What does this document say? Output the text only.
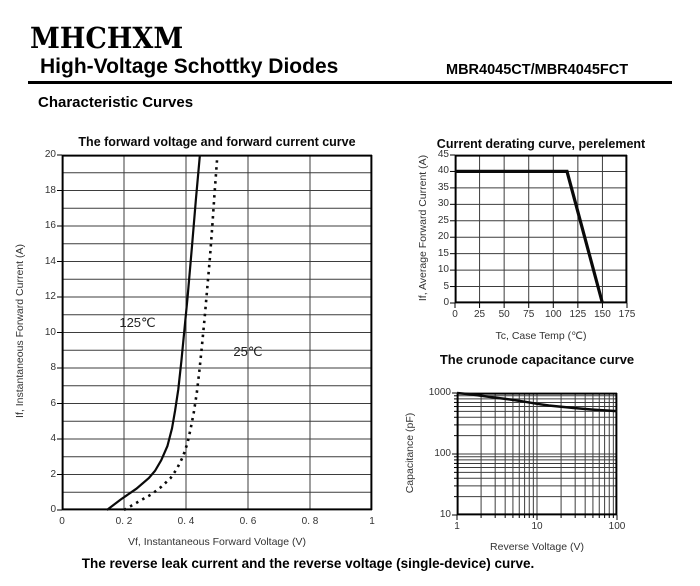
MHCHXM
High-Voltage Schottky Diodes	MBR4045CT/MBR4045FCT
Characteristic Curves
The forward voltage and forward current curve
0	0. 2	0. 4	0. 6	0. 8	1
0
2
4
6
8
10
12
14
16
18
20
125℃
25℃
Vf, Instantaneous Forward Voltage (V)
If, Instantaneous Forward Current (A)
Current derating curve, perelement
0	25	50	75	100 125 150 175
0
5
10
15
20
25
30
35
40
45
Tc, Case Temp (℃)
If, Average Forward Current (A)
The crunode capacitance curve
1	10	100
10
100
1000
Reverse Voltage (V)
Capacitance (pF)
The reverse leak current and the reverse voltage (single-device) curve.
